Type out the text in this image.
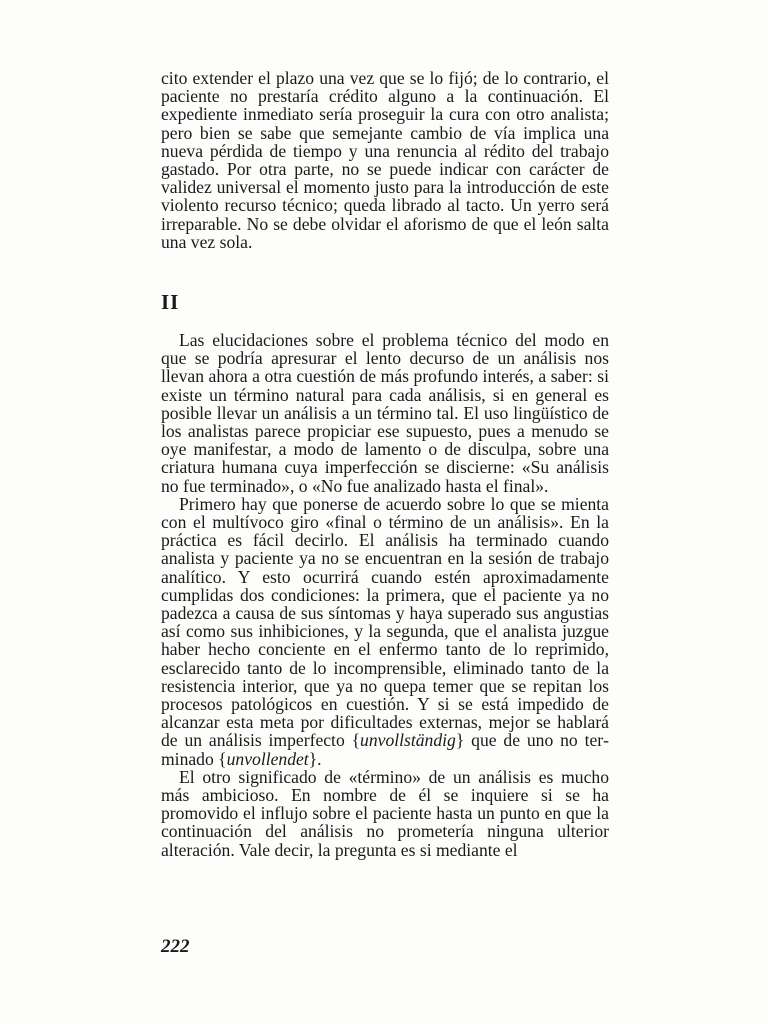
cito extender el plazo una vez que se lo fijó; de lo contrario, el paciente no prestaría crédito alguno a la continuación. El expediente inmediato sería proseguir la cura con otro analista; pero bien se sabe que semejante cambio de vía implica una nueva pérdida de tiempo y una renuncia al rédito del trabajo gastado. Por otra parte, no se puede indicar con carácter de validez universal el momento justo para la introducción de este violento recurso técnico; queda librado al tacto. Un yerro será irreparable. No se debe olvidar el aforismo de que el león salta una vez sola.

II

Las elucidaciones sobre el problema técnico del modo en que se podría apresurar el lento decurso de un análisis nos llevan ahora a otra cuestión de más profundo interés, a saber: si existe un término natural para cada análisis, si en general es posible llevar un análisis a un término tal. El uso lingüístico de los analistas parece propiciar ese supuesto, pues a menudo se oye manifestar, a modo de lamento o de disculpa, sobre una criatura humana cuya imperfección se discierne: «Su análisis no fue terminado», o «No fue analizado hasta el final».

Primero hay que ponerse de acuerdo sobre lo que se mienta con el multívoco giro «final o término de un análisis». En la práctica es fácil decirlo. El análisis ha terminado cuando analista y paciente ya no se encuentran en la sesión de trabajo analítico. Y esto ocurrirá cuando estén aproximadamente cumplidas dos condiciones: la primera, que el paciente ya no padezca a causa de sus síntomas y haya superado sus angustias así como sus inhibiciones, y la segunda, que el analista juzgue haber hecho conciente en el enfermo tanto de lo reprimido, esclarecido tanto de lo incomprensible, eliminado tanto de la resistencia interior, que ya no quepa temer que se repitan los procesos patológicos en cuestión. Y si se está impedido de alcanzar esta meta por dificultades externas, mejor se hablará de un análisis imperfecto {unvollständig} que de uno no terminado {unvollendet}.

El otro significado de «término» de un análisis es mucho más ambicioso. En nombre de él se inquiere si se ha promovido el influjo sobre el paciente hasta un punto en que la continuación del análisis no prometería ninguna ulterior alteración. Vale decir, la pregunta es si mediante el

222
